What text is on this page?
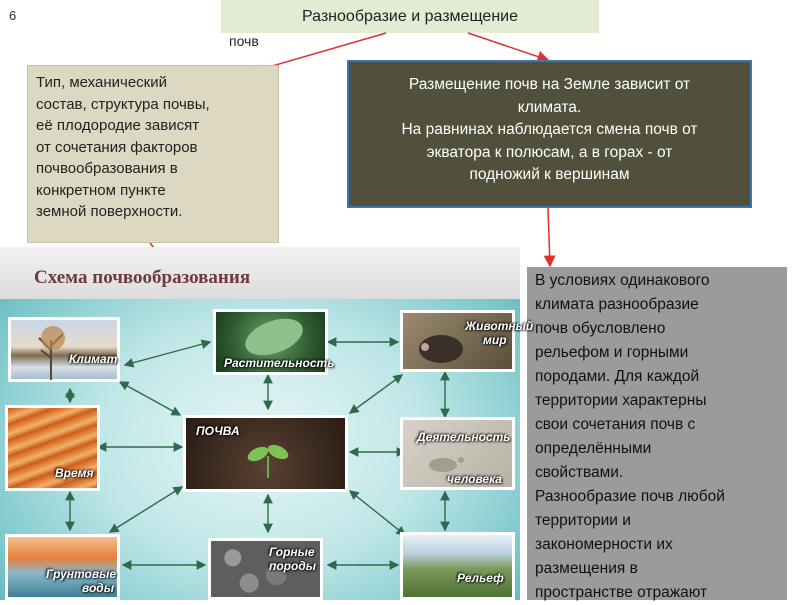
6	Разнообразие и размещение
почв
Тип, механический
состав, структура почвы,
её плодородие зависят
от сочетания факторов
почвообразования в
конкретном пункте
земной поверхности.
Размещение почв на Земле зависит от
климата.
На равнинах наблюдается смена почв от
экватора к полюсам, а в горах - от
подножий к вершинам
В условиях одинакового
климата разнообразие
почв обусловлено
рельефом и горными
породами. Для каждой
территории характерны
свои сочетания почв с
определёнными
свойствами.
Разнообразие почв любой
территории и
закономерности их
размещения в
пространстве отражают
Схема почвообразования
Климат	Растительность
Животный
мир
Время
ПОЧВА	Деятельность
человека
Грунтовые
воды
Горные
породы
Рельеф
